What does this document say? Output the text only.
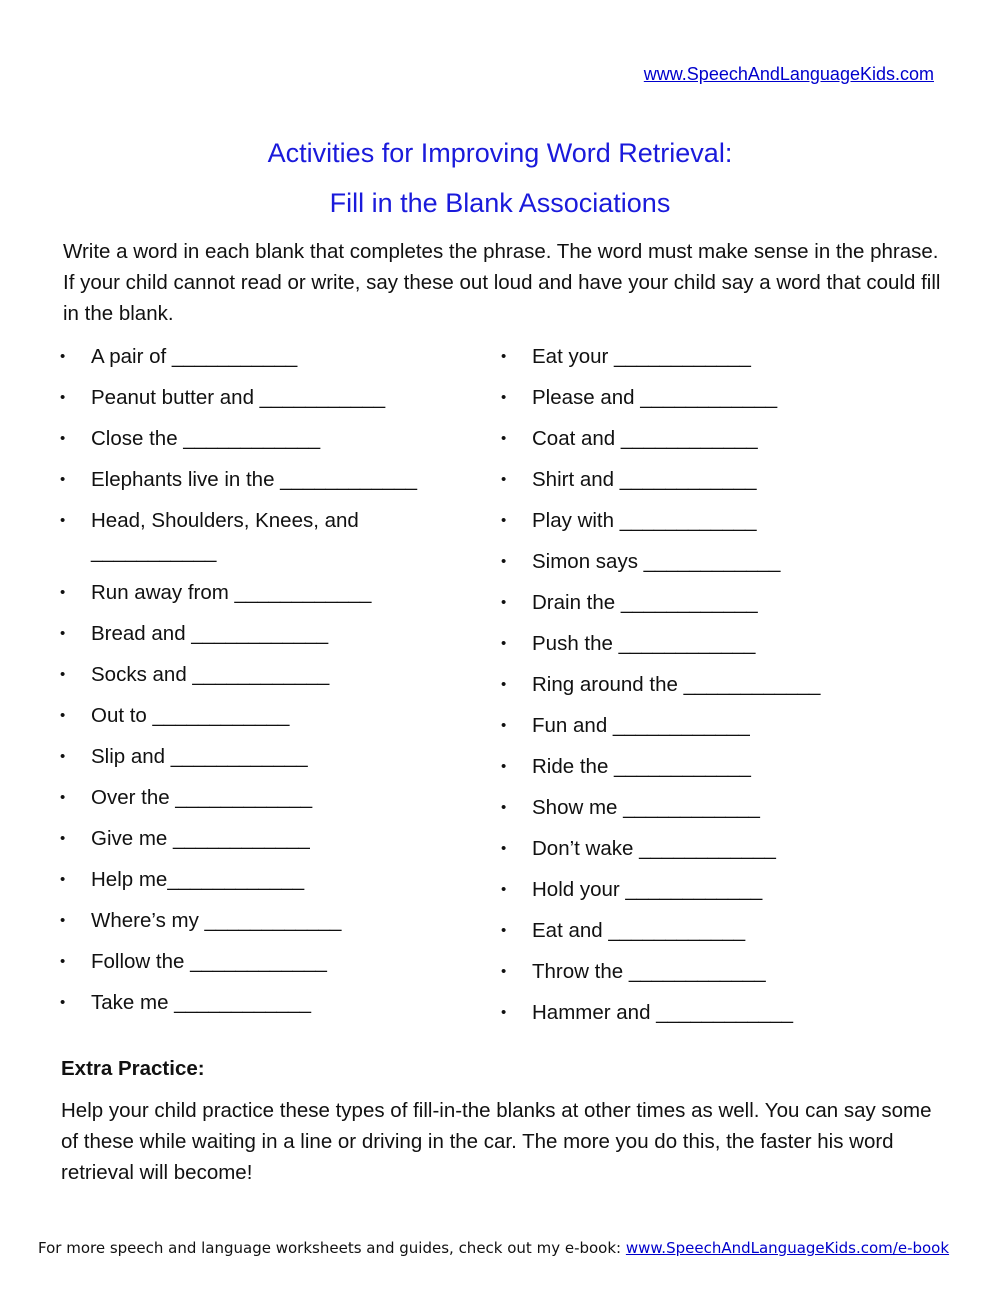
www.SpeechAndLanguageKids.com
Activities for Improving Word Retrieval:
Fill in the Blank Associations

Write a word in each blank that completes the phrase. The word must make sense in the phrase. If your child cannot read or write, say these out loud and have your child say a word that could fill in the blank.

• A pair of ___________
• Peanut butter and ___________
• Close the ____________
• Elephants live in the ____________
• Head, Shoulders, Knees, and ___________
• Run away from ____________
• Bread and ____________
• Socks and ____________
• Out to ____________
• Slip and ____________
• Over the ____________
• Give me ____________
• Help me____________
• Where’s my ____________
• Follow the ____________
• Take me ____________
• Eat your ____________
• Please and ____________
• Coat and ____________
• Shirt and ____________
• Play with ____________
• Simon says ____________
• Drain the ____________
• Push the ____________
• Ring around the ____________
• Fun and ____________
• Ride the ____________
• Show me ____________
• Don’t wake ____________
• Hold your ____________
• Eat and ____________
• Throw the ____________
• Hammer and ____________
Extra Practice:

Help your child practice these types of fill-in-the blanks at other times as well. You can say some of these while waiting in a line or driving in the car. The more you do this, the faster his word retrieval will become!

For more speech and language worksheets and guides, check out my e-book: www.SpeechAndLanguageKids.com/e-book
